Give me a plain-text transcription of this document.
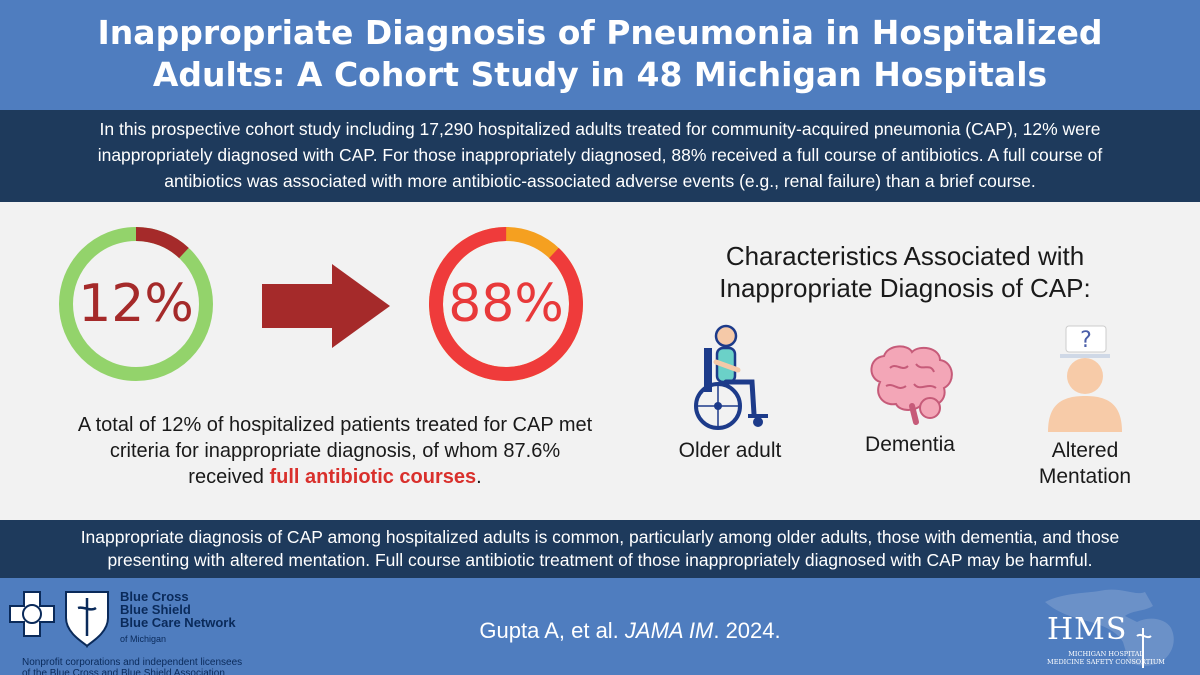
Inappropriate Diagnosis of Pneumonia in Hospitalized
Adults: A Cohort Study in 48 Michigan Hospitals
In this prospective cohort study including 17,290 hospitalized adults treated for community-acquired pneumonia (CAP), 12% were
inappropriately diagnosed with CAP. For those inappropriately diagnosed, 88% received a full course of antibiotics. A full course of
antibiotics was associated with more antibiotic-associated adverse events (e.g., renal failure) than a brief course.
12%	88%
A total of 12% of hospitalized patients treated for CAP met
criteria for inappropriate diagnosis, of whom 87.6%
received full antibiotic courses.
Characteristics Associated with
Inappropriate Diagnosis of CAP:
Older adult	Dementia
?
Altered
Mentation
Inappropriate diagnosis of CAP among hospitalized adults is common, particularly among older adults, those with dementia, and those
presenting with altered mentation. Full course antibiotic treatment of those inappropriately diagnosed with CAP may be harmful.
Blue Cross
Blue Shield
Blue Care Network
of Michigan
Nonprofit corporations and independent licensees
of the Blue Cross and Blue Shield Association
Gupta A, et al. JAMA IM. 2024.	HMS
MICHIGAN HOSPITAL
MEDICINE SAFETY CONSORTIUM
